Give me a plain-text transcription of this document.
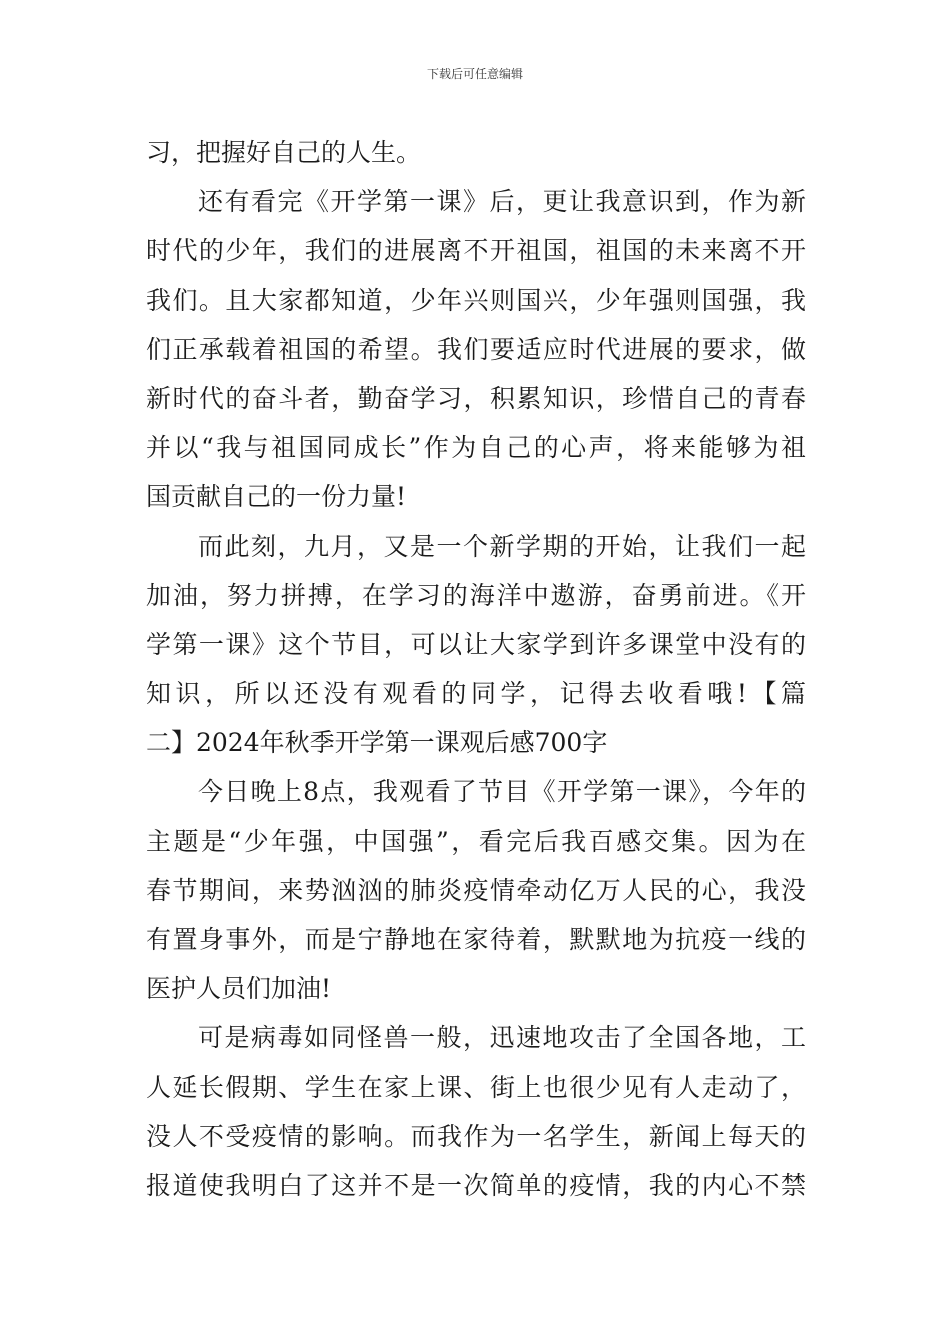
下载后可任意编辑
习，把握好自己的人生。
还有看完《开学第一课》后，更让我意识到，作为新
时代的少年，我们的进展离不开祖国，祖国的未来离不开
我们。且大家都知道，少年兴则国兴，少年强则国强，我
们正承载着祖国的希望。我们要适应时代进展的要求，做
新时代的奋斗者，勤奋学习，积累知识，珍惜自己的青春
并以“我与祖国同成长”作为自己的心声，将来能够为祖
国贡献自己的一份力量!
而此刻，九月，又是一个新学期的开始，让我们一起
加油，努力拼搏，在学习的海洋中遨游，奋勇前进。《开
学第一课》这个节目，可以让大家学到许多课堂中没有的
知识，所以还没有观看的同学，记得去收看哦!【篇
二】2024年秋季开学第一课观后感700字
今日晚上8点，我观看了节目《开学第一课》，今年的
主题是“少年强，中国强”，看完后我百感交集。因为在
春节期间，来势汹汹的肺炎疫情牵动亿万人民的心，我没
有置身事外，而是宁静地在家待着，默默地为抗疫一线的
医护人员们加油!
可是病毒如同怪兽一般，迅速地攻击了全国各地，工
人延长假期、学生在家上课、街上也很少见有人走动了，
没人不受疫情的影响。而我作为一名学生，新闻上每天的
报道使我明白了这并不是一次简单的疫情，我的内心不禁
